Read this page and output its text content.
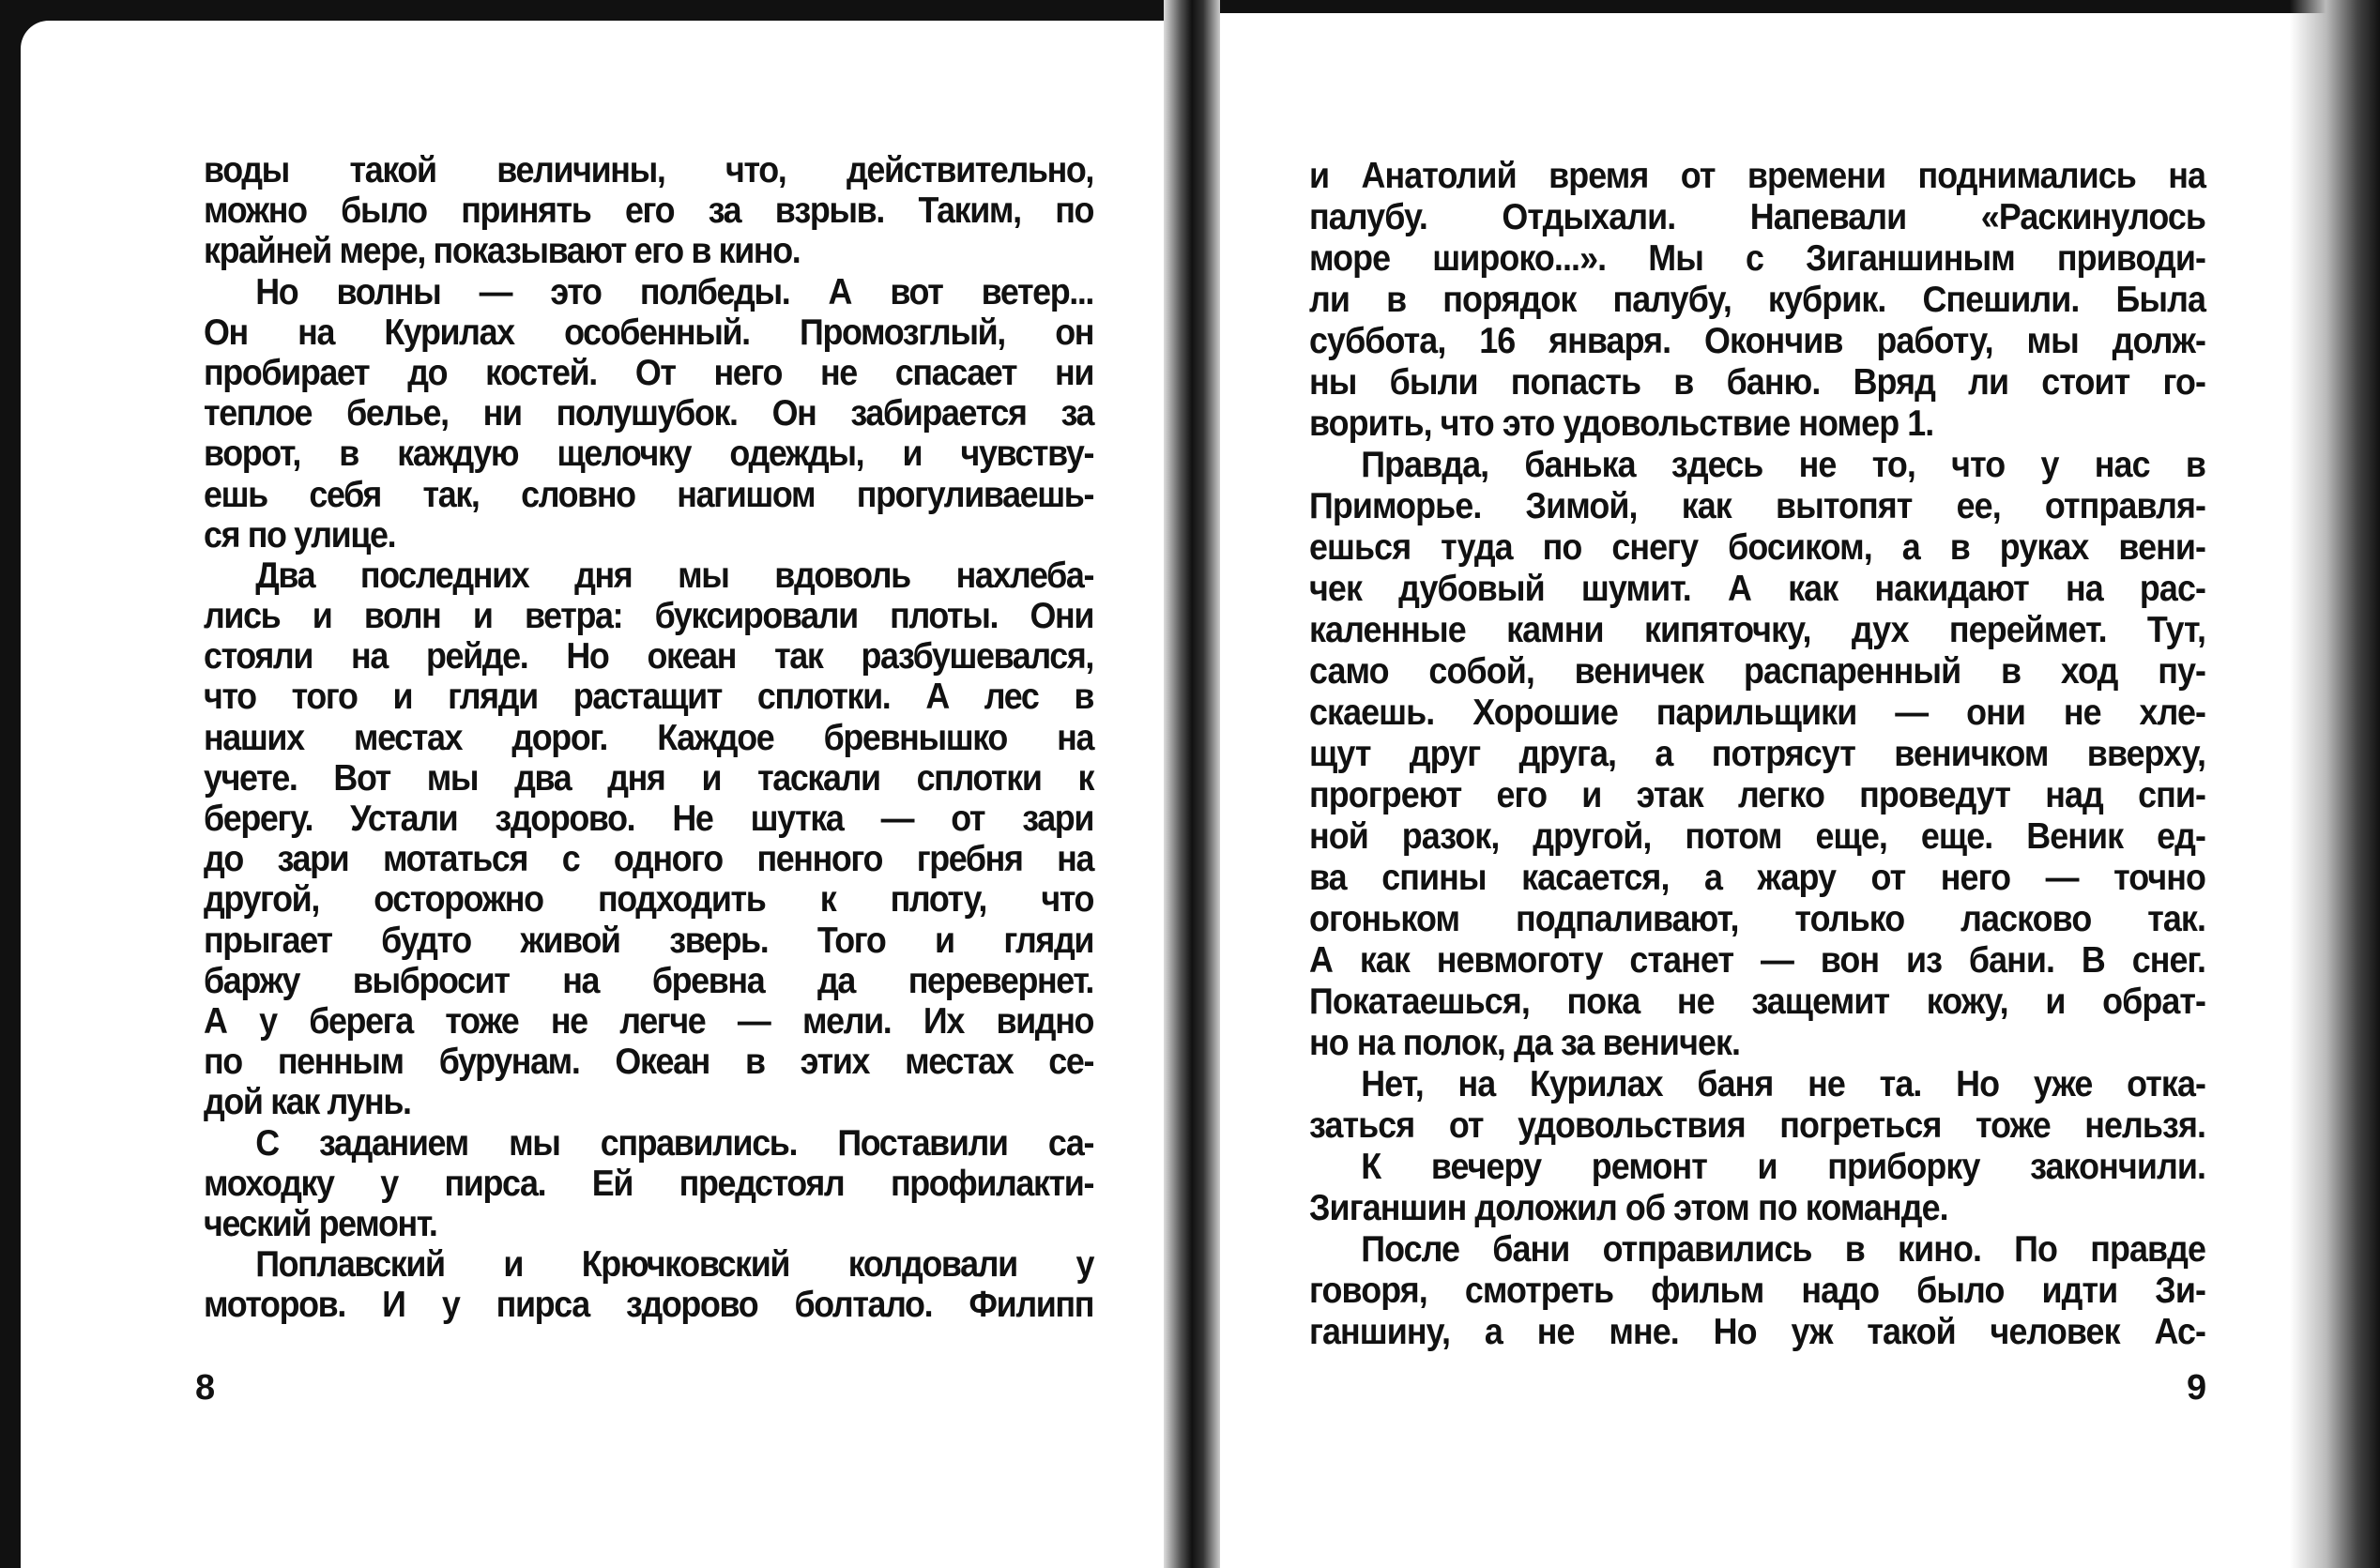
воды такой величины, что, действительно,
можно было принять его за взрыв. Таким, по
крайней мере, показывают его в кино.
Но волны — это полбеды. А вот ветер...
Он на Курилах особенный. Промозглый, он
пробирает до костей. От него не спасает ни
теплое белье, ни полушубок. Он забирается за
ворот, в каждую щелочку одежды, и чувству-
ешь себя так, словно нагишом прогуливаешь-
ся по улице.
Два последних дня мы вдоволь нахлеба-
лись и волн и ветра: буксировали плоты. Они
стояли на рейде. Но океан так разбушевался,
что того и гляди растащит сплотки. А лес в
наших местах дорог. Каждое бревнышко на
учете. Вот мы два дня и таскали сплотки к
берегу. Устали здорово. Не шутка — от зари
до зари мотаться с одного пенного гребня на
другой, осторожно подходить к плоту, что
прыгает будто живой зверь. Того и гляди
баржу выбросит на бревна да перевернет.
А у берега тоже не легче — мели. Их видно
по пенным бурунам. Океан в этих местах се-
дой как лунь.
С заданием мы справились. Поставили са-
моходку у пирса. Ей предстоял профилакти-
ческий ремонт.
Поплавский и Крючковский колдовали у
моторов. И у пирса здорово болтало. Филипп
и Анатолий время от времени поднимались на
палубу. Отдыхали. Напевали «Раскинулось
море широко...». Мы с Зиганшиным приводи-
ли в порядок палубу, кубрик. Спешили. Была
суббота, 16 января. Окончив работу, мы долж-
ны были попасть в баню. Вряд ли стоит го-
ворить, что это удовольствие номер 1.
Правда, банька здесь не то, что у нас в
Приморье. Зимой, как вытопят ее, отправля-
ешься туда по снегу босиком, а в руках вени-
чек дубовый шумит. А как накидают на рас-
каленные камни кипяточку, дух переймет. Тут,
само собой, веничек распаренный в ход пу-
скаешь. Хорошие парильщики — они не хле-
щут друг друга, а потрясут веничком вверху,
прогреют его и этак легко проведут над спи-
ной разок, другой, потом еще, еще. Веник ед-
ва спины касается, а жару от него — точно
огоньком подпаливают, только ласково так.
А как невмоготу станет — вон из бани. В снег.
Покатаешься, пока не защемит кожу, и обрат-
но на полок, да за веничек.
Нет, на Курилах баня не та. Но уже отка-
заться от удовольствия погреться тоже нельзя.
К вечеру ремонт и приборку закончили.
Зиганшин доложил об этом по команде.
После бани отправились в кино. По правде
говоря, смотреть фильм надо было идти Зи-
ганшину, а не мне. Но уж такой человек Ас-
8	9
